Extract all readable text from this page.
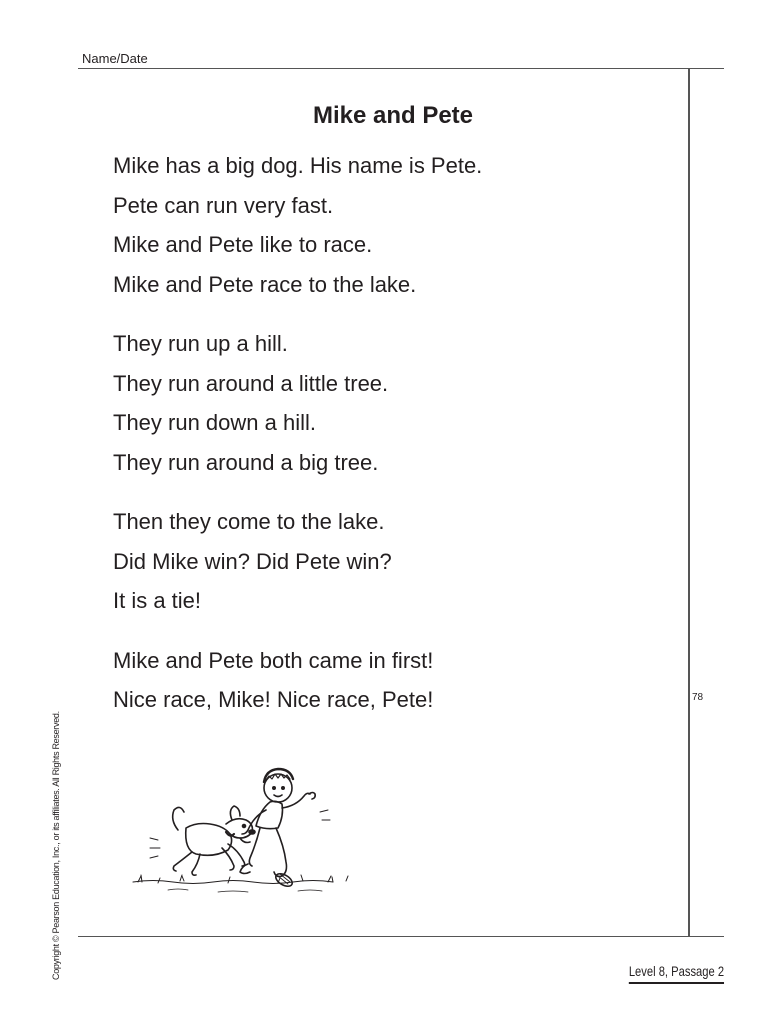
Name/Date
Mike and Pete

Mike has a big dog. His name is Pete.

Pete can run very fast.

Mike and Pete like to race.

Mike and Pete race to the lake.

They run up a hill.

They run around a little tree.

They run down a hill.

They run around a big tree.

Then they come to the lake.

Did Mike win? Did Pete win?

It is a tie!

Mike and Pete both came in first!

Nice race, Mike! Nice race, Pete!	78
Copyright © Pearson Education, Inc., or its affiliates. All Rights Reserved.	Level 8, Passage 2
